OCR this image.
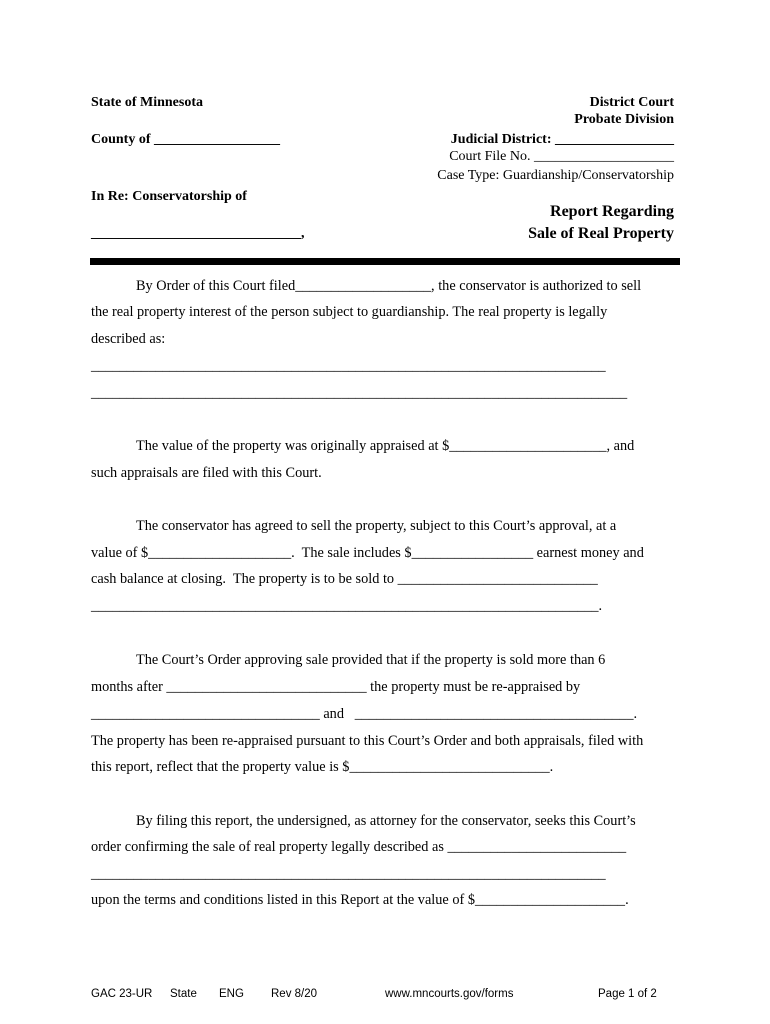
State of Minnesota
County of __________________
In Re: Conservatorship of
______________________________,
District Court
Probate Division
Judicial District: _________________
Court File No. ____________________
Case Type: Guardianship/Conservatorship
Report Regarding
Sale of Real Property
By Order of this Court filed___________________, the conservator is authorized to sell
the real property interest of the person subject to guardianship. The real property is legally
described as:
________________________________________________________________________
___________________________________________________________________________
The value of the property was originally appraised at $______________________, and
such appraisals are filed with this Court.
The conservator has agreed to sell the property, subject to this Court’s approval, at a
value of $____________________.  The sale includes $_________________ earnest money and
cash balance at closing.  The property is to be sold to ____________________________
_______________________________________________________________________.
The Court’s Order approving sale provided that if the property is sold more than 6
months after ____________________________ the property must be re-appraised by
________________________________ and   _______________________________________.
The property has been re-appraised pursuant to this Court’s Order and both appraisals, filed with
this report, reflect that the property value is $____________________________.
By filing this report, the undersigned, as attorney for the conservator, seeks this Court’s
order confirming the sale of real property legally described as _________________________
________________________________________________________________________
upon the terms and conditions listed in this Report at the value of $_____________________.
GAC 23-UR State ENG Rev 8/20	www.mncourts.gov/forms	Page 1 of 2
